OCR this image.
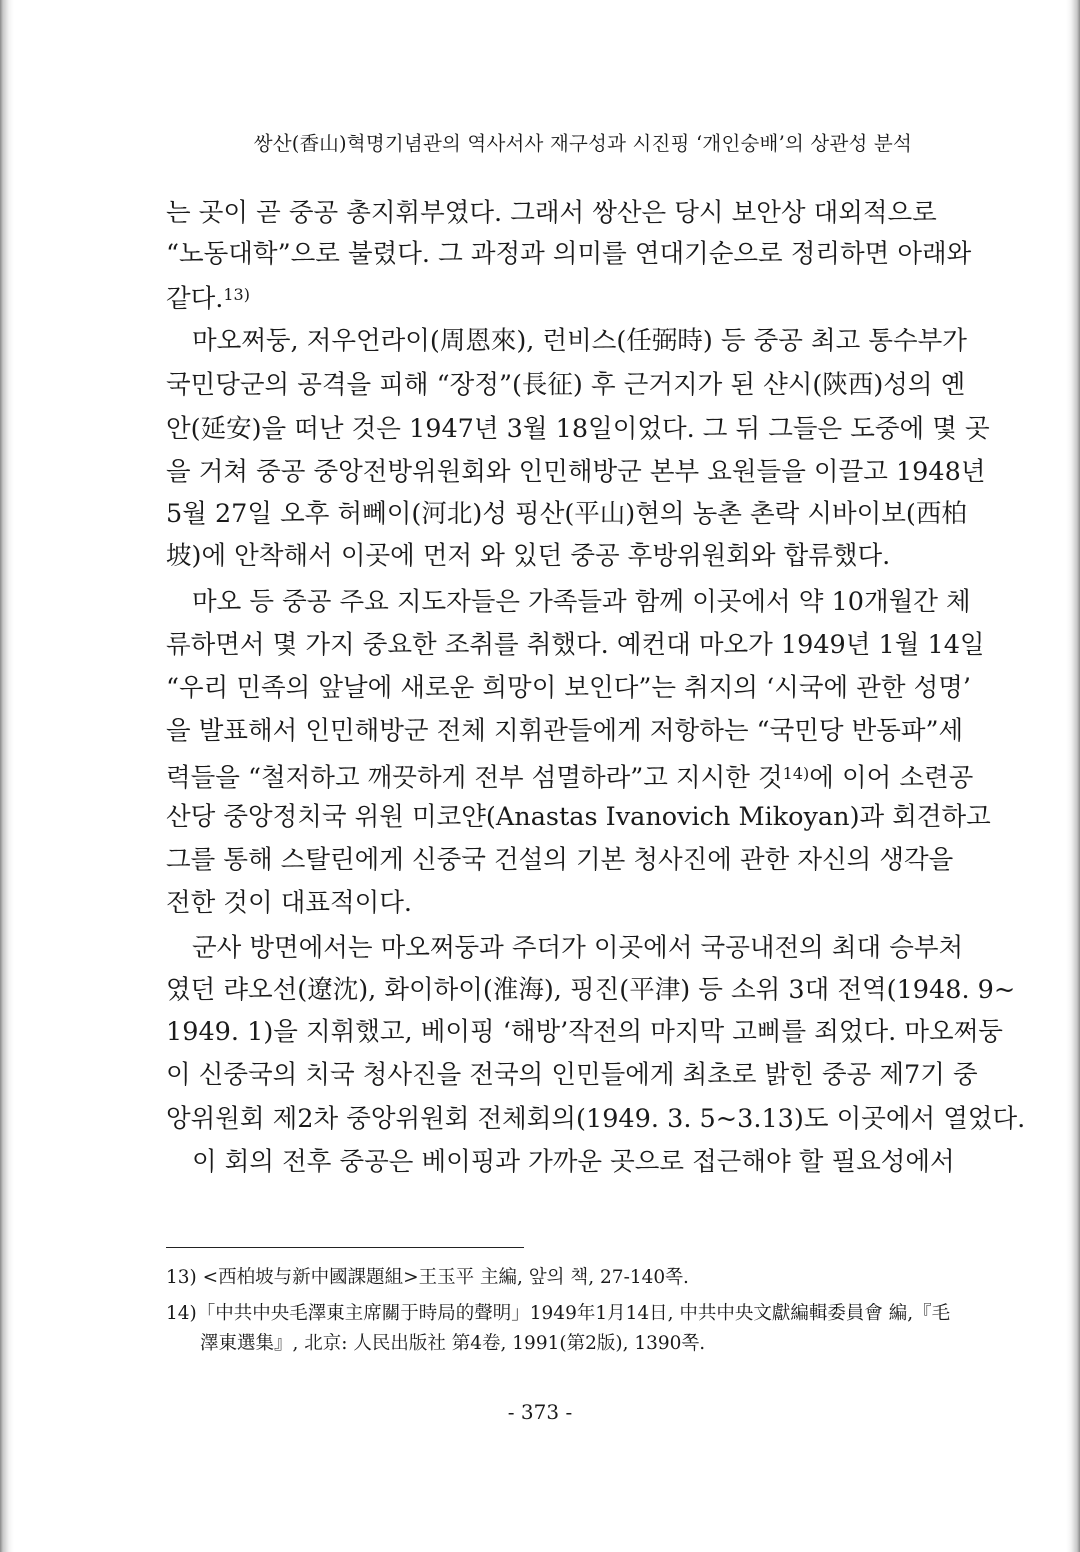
쌍산(香山)혁명기념관의 역사서사 재구성과 시진핑 ‘개인숭배’의 상관성 분석
는 곳이 곧 중공 총지휘부였다. 그래서 쌍산은 당시 보안상 대외적으로
“노동대학”으로 불렸다. 그 과정과 의미를 연대기순으로 정리하면 아래와
같다.$^{13)}$
마오쩌둥, 저우언라이(周恩來), 런비스(任弼時) 등 중공 최고 통수부가
국민당군의 공격을 피해 “장정”(長征) 후 근거지가 된 샨시(陝西)성의 옌
안(延安)을 떠난 것은 1947년 3월 18일이었다. 그 뒤 그들은 도중에 몇 곳
을 거쳐 중공 중앙전방위원회와 인민해방군 본부 요원들을 이끌고 1948년
5월 27일 오후 허뻬이(河北)성 핑산(平山)현의 농촌 촌락 시바이보(西柏
坡)에 안착해서 이곳에 먼저 와 있던 중공 후방위원회와 합류했다.
마오 등 중공 주요 지도자들은 가족들과 함께 이곳에서 약 10개월간 체
류하면서 몇 가지 중요한 조취를 취했다. 예컨대 마오가 1949년 1월 14일
“우리 민족의 앞날에 새로운 희망이 보인다”는 취지의 ‘시국에 관한 성명’
을 발표해서 인민해방군 전체 지휘관들에게 저항하는 “국민당 반동파”세
력들을 “철저하고 깨끗하게 전부 섬멸하라”고 지시한 것$^{14)}$에 이어 소련공
산당 중앙정치국 위원 미코얀(Anastas Ivanovich Mikoyan)과 회견하고
그를 통해 스탈린에게 신중국 건설의 기본 청사진에 관한 자신의 생각을
전한 것이 대표적이다.
군사 방면에서는 마오쩌둥과 주더가 이곳에서 국공내전의 최대 승부처
였던 랴오선(遼沈), 화이하이(淮海), 핑진(平津) 등 소위 3대 전역(1948. 9~
1949. 1)을 지휘했고, 베이핑 ‘해방’작전의 마지막 고삐를 죄었다. 마오쩌둥
이 신중국의 치국 청사진을 전국의 인민들에게 최초로 밝힌 중공 제7기 중
앙위원회 제2차 중앙위원회 전체회의(1949. 3. 5~3.13)도 이곳에서 열었다.
이 회의 전후 중공은 베이핑과 가까운 곳으로 접근해야 할 필요성에서
13) <西柏坡与新中國課題組>王玉平 主編, 앞의 책, 27-140쪽.
14)「中共中央毛澤東主席關于時局的聲明」1949年1月14日, 中共中央文獻編輯委員會 編,『毛
澤東選集』, 北京: 人民出版社 第4卷, 1991(第2版), 1390쪽.
- 373 -
